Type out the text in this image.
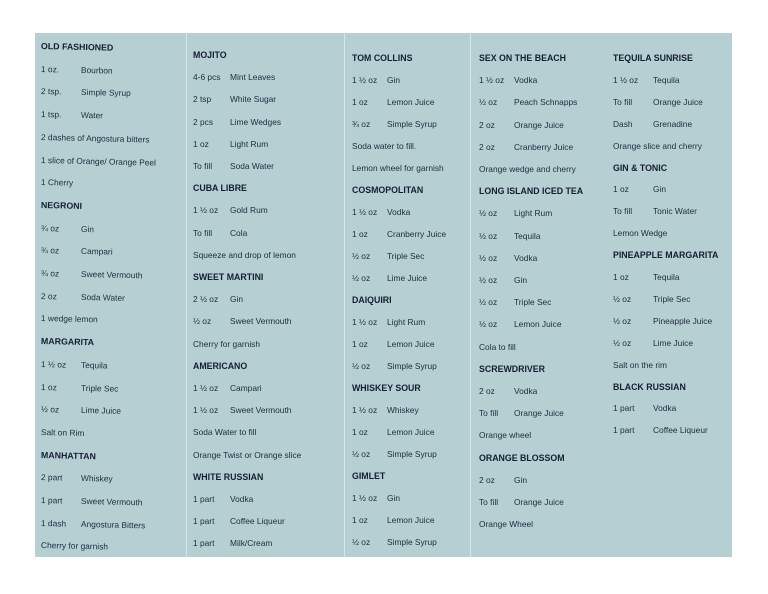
OLD FASHIONED
1 oz.	Bourbon
2 tsp. Simple Syrup
1 tsp. Water
2 dashes of Angostura bitters
1 slice of Orange/ Orange Peel
1 Cherry
NEGRONI
¾ oz	Gin
¾ oz	Campari
¾ oz	Sweet Vermouth
2 oz	Soda Water
1 wedge lemon
MARGARITA
1 ½ oz Tequila
1 oz	Triple Sec
½ oz	Lime Juice
Salt on Rim
MANHATTAN
2 part Whiskey
1 part Sweet Vermouth
1 dash Angostura Bitters
Cherry for garnish
MOJITO
4-6 pcs Mint Leaves
2 tsp White Sugar
2 pcs Lime Wedges
1 oz	Light Rum
To fill Soda Water
CUBA LIBRE
1 ½ oz Gold Rum
To fill Cola
Squeeze and drop of lemon
SWEET MARTINI
2 ½ oz Gin
½ oz Sweet Vermouth
Cherry for garnish
AMERICANO
1 ½ oz Campari
1 ½ oz Sweet Vermouth
Soda Water to fill
Orange Twist or Orange slice
WHITE RUSSIAN
1 part Vodka
1 part Coffee Liqueur
1 part Milk/Cream
TOM COLLINS
1 ½ oz Gin
1 oz Lemon Juice
¾ oz Simple Syrup
Soda water to fill.
Lemon wheel for garnish
COSMOPOLITAN
1 ½ oz Vodka
1 oz Cranberry Juice
½ oz Triple Sec
½ oz Lime Juice
DAIQUIRI
1 ½ oz Light Rum
1 oz Lemon Juice
½ oz Simple Syrup
WHISKEY SOUR
1 ½ oz Whiskey
1 oz Lemon Juice
½ oz Simple Syrup
GIMLET
1 ½ oz Gin
1 oz Lemon Juice
½ oz Simple Syrup
SEX ON THE BEACH
1 ½ oz Vodka
½ oz Peach Schnapps
2 oz Orange Juice
2 oz Cranberry Juice
Orange wedge and cherry
LONG ISLAND ICED TEA
½ oz Light Rum
½ oz Tequila
½ oz Vodka
½ oz Gin
½ oz Triple Sec
½ oz Lemon Juice
Cola to fill
SCREWDRIVER
2 oz Vodka
To fill Orange Juice
Orange wheel
ORANGE BLOSSOM
2 oz Gin
To fill Orange Juice
Orange Wheel
TEQUILA SUNRISE
1 ½ oz Tequila
To fill Orange Juice
Dash Grenadine
Orange slice and cherry
GIN & TONIC
1 oz	Gin
To fill Tonic Water
Lemon Wedge
PINEAPPLE MARGARITA
1 oz	Tequila
½ oz	Triple Sec
½ oz	Pineapple Juice
½ oz	Lime Juice
Salt on the rim
BLACK RUSSIAN
1 part Vodka
1 part Coffee Liqueur
